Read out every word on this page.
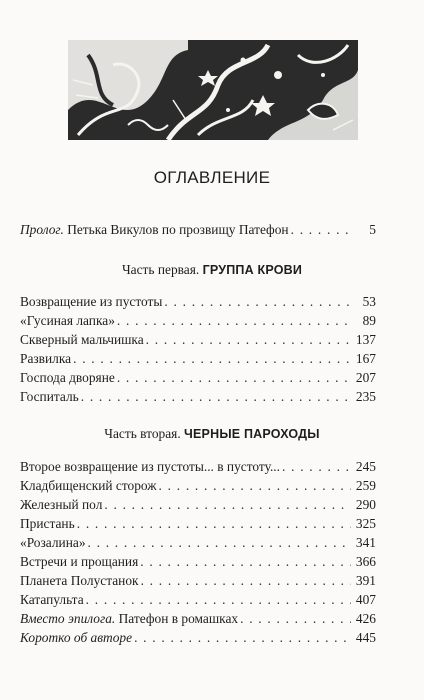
ОГЛАВЛЕНИЕ
Пролог. Петька Викулов по прозвищу Патефон . . .	5
Часть первая. ГРУППА КРОВИ
Возвращение из пустоты . . .	53
«Гусиная лапка» . . .	89
Скверный мальчишка . . .	137
Развилка . . .	167
Господа дворяне . . .	207
Госпиталь . . .	235
Часть вторая. ЧЕРНЫЕ ПАРОХОДЫ
Второе возвращение из пустоты... в пустоту... . . .	245
Кладбищенский сторож . . .	259
Железный пол . . .	290
Пристань . . .	325
«Розалина» . . .	341
Встречи и прощания . . .	366
Планета Полустанок . . .	391
Катапульта . . .	407
Вместо эпилога. Патефон в ромашках . . .	426
Коротко об авторе . . .	445
